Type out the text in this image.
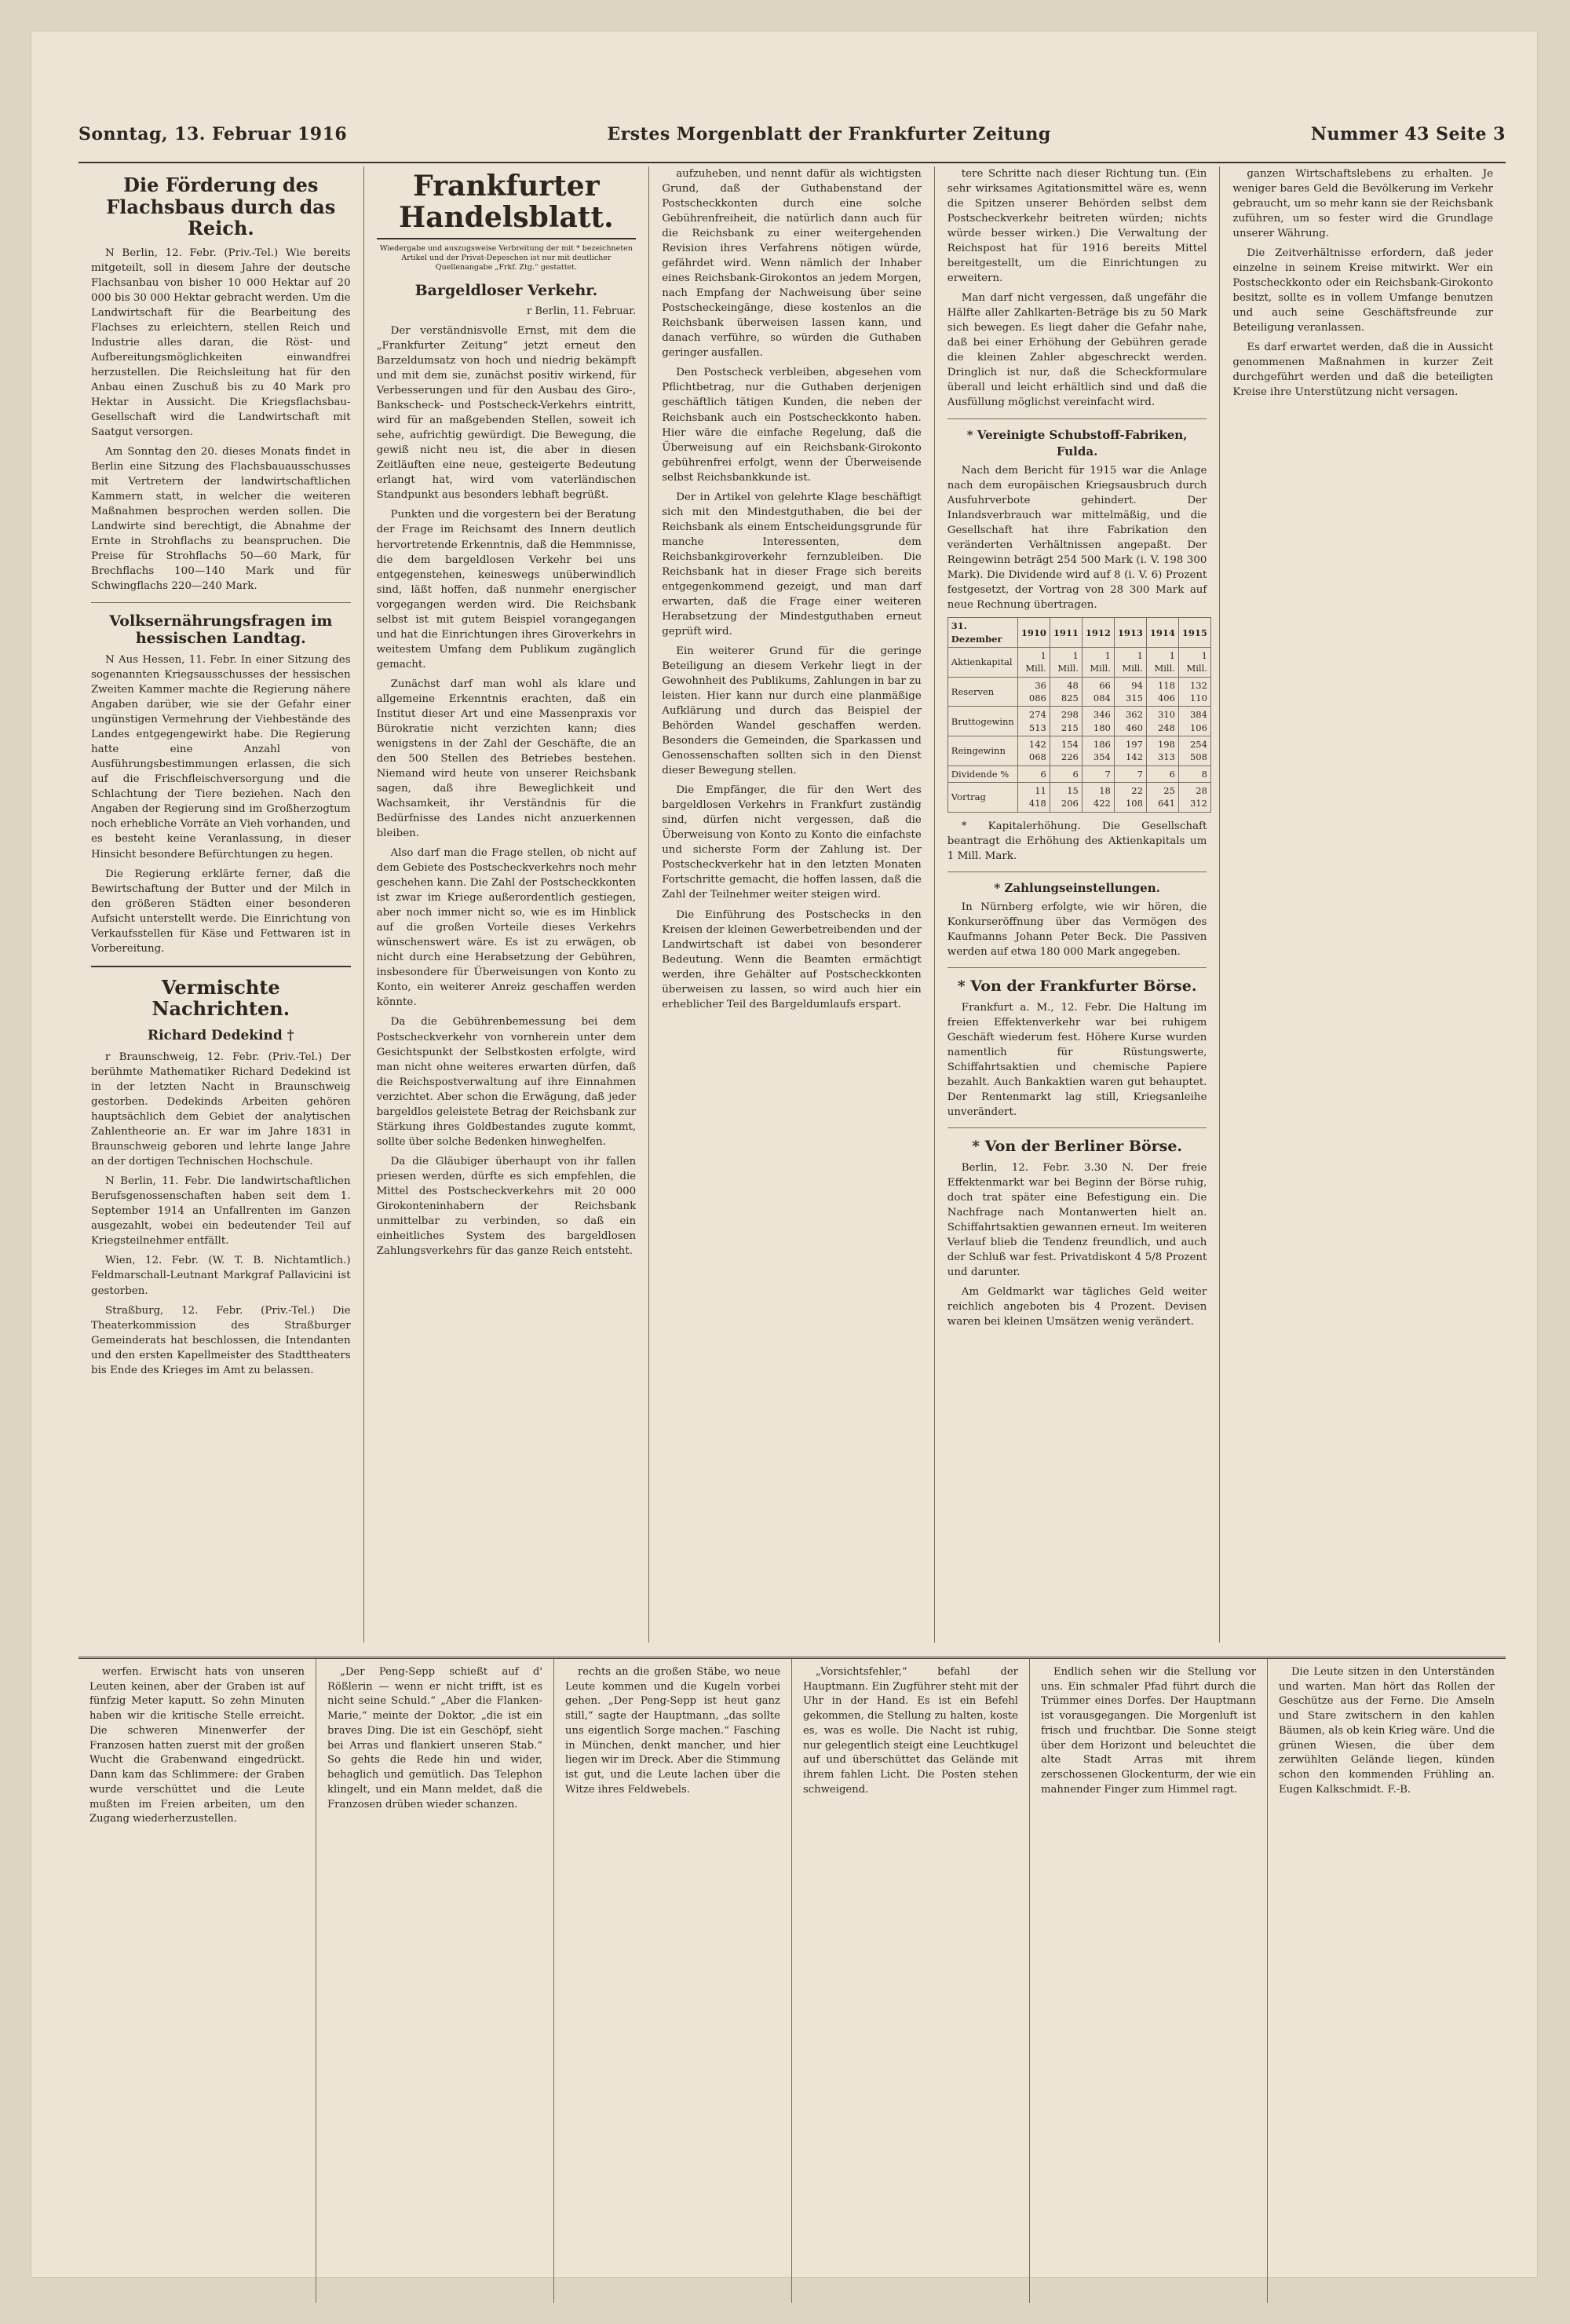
Sonntag, 13. Februar 1916	Erstes Morgenblatt der Frankfurter Zeitung	Nummer 43 Seite 3
Die Förderung des Flachsbaus durch das Reich.

N Berlin, 12. Febr. (Priv.-Tel.) Wie bereits mitgeteilt, soll in diesem Jahre der deutsche Flachsanbau von bisher 10 000 Hektar auf 20 000 bis 30 000 Hektar gebracht werden. Um die Landwirtschaft für die Bearbeitung des Flachses zu erleichtern, stellen Reich und Industrie alles daran, die Röst- und Aufbereitungsmöglichkeiten einwandfrei herzustellen. Die Reichsleitung hat für den Anbau einen Zuschuß bis zu 40 Mark pro Hektar in Aussicht. Die Kriegsflachsbau-Gesellschaft wird die Landwirtschaft mit Saatgut versorgen.

Am Sonntag den 20. dieses Monats findet in Berlin eine Sitzung des Flachsbauausschusses mit Vertretern der landwirtschaftlichen Kammern statt, in welcher die weiteren Maßnahmen besprochen werden sollen. Die Landwirte sind berechtigt, die Abnahme der Ernte in Strohflachs zu beanspruchen. Die Preise für Strohflachs 50—60 Mark, für Brechflachs 100—140 Mark und für Schwingflachs 220—240 Mark.

Volksernährungsfragen im hessischen Landtag.

N Aus Hessen, 11. Febr. In einer Sitzung des sogenannten Kriegsausschusses der hessischen Zweiten Kammer machte die Regierung nähere Angaben darüber, wie sie der Gefahr einer ungünstigen Vermehrung der Viehbestände des Landes entgegengewirkt habe. Die Regierung hatte eine Anzahl von Ausführungsbestimmungen erlassen, die sich auf die Frischfleischversorgung und die Schlachtung der Tiere beziehen. Nach den Angaben der Regierung sind im Großherzogtum noch erhebliche Vorräte an Vieh vorhanden, und es besteht keine Veranlassung, in dieser Hinsicht besondere Befürchtungen zu hegen.

Die Regierung erklärte ferner, daß die Bewirtschaftung der Butter und der Milch in den größeren Städten einer besonderen Aufsicht unterstellt werde. Die Einrichtung von Verkaufsstellen für Käse und Fettwaren ist in Vorbereitung.

Vermischte Nachrichten.
Richard Dedekind †

r Braunschweig, 12. Febr. (Priv.-Tel.) Der berühmte Mathematiker Richard Dedekind ist in der letzten Nacht in Braunschweig gestorben. Dedekinds Arbeiten gehören hauptsächlich dem Gebiet der analytischen Zahlentheorie an. Er war im Jahre 1831 in Braunschweig geboren und lehrte lange Jahre an der dortigen Technischen Hochschule.

N Berlin, 11. Febr. Die landwirtschaftlichen Berufsgenossenschaften haben seit dem 1. September 1914 an Unfallrenten im Ganzen ausgezahlt, wobei ein bedeutender Teil auf Kriegsteilnehmer entfällt.

Wien, 12. Febr. (W. T. B. Nichtamtlich.) Feldmarschall-Leutnant Markgraf Pallavicini ist gestorben.

Straßburg, 12. Febr. (Priv.-Tel.) Die Theaterkommission des Straßburger Gemeinderats hat beschlossen, die Intendanten und den ersten Kapellmeister des Stadttheaters bis Ende des Krieges im Amt zu belassen.

Frankfurter Handelsblatt.
Wiedergabe und auszugsweise Verbreitung der mit * bezeichneten Artikel und der Privat-Depeschen ist nur mit deutlicher Quellenangabe „Frkf. Ztg.“ gestattet.
Bargeldloser Verkehr.
r Berlin, 11. Februar.

Der verständnisvolle Ernst, mit dem die „Frankfurter Zeitung“ jetzt erneut den Barzeldumsatz von hoch und niedrig bekämpft und mit dem sie, zunächst positiv wirkend, für Verbesserungen und für den Ausbau des Giro-, Bankscheck- und Postscheck-Verkehrs eintritt, wird für an maßgebenden Stellen, soweit ich sehe, aufrichtig gewürdigt. Die Bewegung, die gewiß nicht neu ist, die aber in diesen Zeitläuften eine neue, gesteigerte Bedeutung erlangt hat, wird vom vaterländischen Standpunkt aus besonders lebhaft begrüßt.

Punkten und die vorgestern bei der Beratung der Frage im Reichsamt des Innern deutlich hervortretende Erkenntnis, daß die Hemmnisse, die dem bargeldlosen Verkehr bei uns entgegenstehen, keineswegs unüberwindlich sind, läßt hoffen, daß nunmehr energischer vorgegangen werden wird. Die Reichsbank selbst ist mit gutem Beispiel vorangegangen und hat die Einrichtungen ihres Giroverkehrs in weitestem Umfang dem Publikum zugänglich gemacht.

Zunächst darf man wohl als klare und allgemeine Erkenntnis erachten, daß ein Institut dieser Art und eine Massenpraxis vor Bürokratie nicht verzichten kann; dies wenigstens in der Zahl der Geschäfte, die an den 500 Stellen des Betriebes bestehen. Niemand wird heute von unserer Reichsbank sagen, daß ihre Beweglichkeit und Wachsamkeit, ihr Verständnis für die Bedürfnisse des Landes nicht anzuerkennen bleiben.

Also darf man die Frage stellen, ob nicht auf dem Gebiete des Postscheckverkehrs noch mehr geschehen kann. Die Zahl der Postscheckkonten ist zwar im Kriege außerordentlich gestiegen, aber noch immer nicht so, wie es im Hinblick auf die großen Vorteile dieses Verkehrs wünschenswert wäre. Es ist zu erwägen, ob nicht durch eine Herabsetzung der Gebühren, insbesondere für Überweisungen von Konto zu Konto, ein weiterer Anreiz geschaffen werden könnte.

Da die Gebührenbemessung bei dem Postscheckverkehr von vornherein unter dem Gesichtspunkt der Selbstkosten erfolgte, wird man nicht ohne weiteres erwarten dürfen, daß die Reichspostverwaltung auf ihre Einnahmen verzichtet. Aber schon die Erwägung, daß jeder bargeldlos geleistete Betrag der Reichsbank zur Stärkung ihres Goldbestandes zugute kommt, sollte über solche Bedenken hinweghelfen.

Da die Gläubiger überhaupt von ihr fallen priesen werden, dürfte es sich empfehlen, die Mittel des Postscheckverkehrs mit 20 000 Girokonteninhabern der Reichsbank unmittelbar zu verbinden, so daß ein einheitliches System des bargeldlosen Zahlungsverkehrs für das ganze Reich entsteht.

aufzuheben, und nennt dafür als wichtigsten Grund, daß der Guthabenstand der Postscheckkonten durch eine solche Gebührenfreiheit, die natürlich dann auch für die Reichsbank zu einer weitergehenden Revision ihres Verfahrens nötigen würde, gefährdet wird. Wenn nämlich der Inhaber eines Reichsbank-Girokontos an jedem Morgen, nach Empfang der Nachweisung über seine Postscheckeingänge, diese kostenlos an die Reichsbank überweisen lassen kann, und danach verführe, so würden die Guthaben geringer ausfallen.

Den Postscheck verbleiben, abgesehen vom Pflichtbetrag, nur die Guthaben derjenigen geschäftlich tätigen Kunden, die neben der Reichsbank auch ein Postscheckkonto haben. Hier wäre die einfache Regelung, daß die Überweisung auf ein Reichsbank-Girokonto gebührenfrei erfolgt, wenn der Überweisende selbst Reichsbankkunde ist.

Der in Artikel von gelehrte Klage beschäftigt sich mit den Mindestguthaben, die bei der Reichsbank als einem Entscheidungsgrunde für manche Interessenten, dem Reichsbankgiroverkehr fernzubleiben. Die Reichsbank hat in dieser Frage sich bereits entgegenkommend gezeigt, und man darf erwarten, daß die Frage einer weiteren Herabsetzung der Mindestguthaben erneut geprüft wird.

Ein weiterer Grund für die geringe Beteiligung an diesem Verkehr liegt in der Gewohnheit des Publikums, Zahlungen in bar zu leisten. Hier kann nur durch eine planmäßige Aufklärung und durch das Beispiel der Behörden Wandel geschaffen werden. Besonders die Gemeinden, die Sparkassen und Genossenschaften sollten sich in den Dienst dieser Bewegung stellen.

Die Empfänger, die für den Wert des bargeldlosen Verkehrs in Frankfurt zuständig sind, dürfen nicht vergessen, daß die Überweisung von Konto zu Konto die einfachste und sicherste Form der Zahlung ist. Der Postscheckverkehr hat in den letzten Monaten Fortschritte gemacht, die hoffen lassen, daß die Zahl der Teilnehmer weiter steigen wird.

Die Einführung des Postschecks in den Kreisen der kleinen Gewerbetreibenden und der Landwirtschaft ist dabei von besonderer Bedeutung. Wenn die Beamten ermächtigt werden, ihre Gehälter auf Postscheckkonten überweisen zu lassen, so wird auch hier ein erheblicher Teil des Bargeldumlaufs erspart.

tere Schritte nach dieser Richtung tun. (Ein sehr wirksames Agitationsmittel wäre es, wenn die Spitzen unserer Behörden selbst dem Postscheckverkehr beitreten würden; nichts würde besser wirken.) Die Verwaltung der Reichspost hat für 1916 bereits Mittel bereitgestellt, um die Einrichtungen zu erweitern.

Man darf nicht vergessen, daß ungefähr die Hälfte aller Zahlkarten-Beträge bis zu 50 Mark sich bewegen. Es liegt daher die Gefahr nahe, daß bei einer Erhöhung der Gebühren gerade die kleinen Zahler abgeschreckt werden. Dringlich ist nur, daß die Scheckformulare überall und leicht erhältlich sind und daß die Ausfüllung möglichst vereinfacht wird.

* Vereinigte Schubstoff-Fabriken, Fulda.

Nach dem Bericht für 1915 war die Anlage nach dem europäischen Kriegsausbruch durch Ausfuhrverbote gehindert. Der Inlandsverbrauch war mittelmäßig, und die Gesellschaft hat ihre Fabrikation den veränderten Verhältnissen angepaßt. Der Reingewinn beträgt 254 500 Mark (i. V. 198 300 Mark). Die Dividende wird auf 8 (i. V. 6) Prozent festgesetzt, der Vortrag von 28 300 Mark auf neue Rechnung übertragen.

31. Dezember	1910	1911	1912	1913	1914	1915
Aktienkapital	1 Mill.	1 Mill.	1 Mill.	1 Mill.	1 Mill.	1 Mill.
Reserven	36 086	48 825	66 084	94 315	118 406	132 110
Bruttogewinn	274 513	298 215	346 180	362 460	310 248	384 106
Reingewinn	142 068	154 226	186 354	197 142	198 313	254 508
Dividende %	6	6	7	7	6	8
Vortrag	11 418	15 206	18 422	22 108	25 641	28 312

* Kapitalerhöhung. Die Gesellschaft beantragt die Erhöhung des Aktienkapitals um 1 Mill. Mark.

* Zahlungseinstellungen.

In Nürnberg erfolgte, wie wir hören, die Konkurseröffnung über das Vermögen des Kaufmanns Johann Peter Beck. Die Passiven werden auf etwa 180 000 Mark angegeben.

* Von der Frankfurter Börse.

Frankfurt a. M., 12. Febr. Die Haltung im freien Effektenverkehr war bei ruhigem Geschäft wiederum fest. Höhere Kurse wurden namentlich für Rüstungswerte, Schiffahrtsaktien und chemische Papiere bezahlt. Auch Bankaktien waren gut behauptet. Der Rentenmarkt lag still, Kriegsanleihe unverändert.

* Von der Berliner Börse.

Berlin, 12. Febr. 3.30 N. Der freie Effektenmarkt war bei Beginn der Börse ruhig, doch trat später eine Befestigung ein. Die Nachfrage nach Montanwerten hielt an. Schiffahrtsaktien gewannen erneut. Im weiteren Verlauf blieb die Tendenz freundlich, und auch der Schluß war fest. Privatdiskont 4 5/8 Prozent und darunter.

Am Geldmarkt war tägliches Geld weiter reichlich angeboten bis 4 Prozent. Devisen waren bei kleinen Umsätzen wenig verändert.

ganzen Wirtschaftslebens zu erhalten. Je weniger bares Geld die Bevölkerung im Verkehr gebraucht, um so mehr kann sie der Reichsbank zuführen, um so fester wird die Grundlage unserer Währung.

Die Zeitverhältnisse erfordern, daß jeder einzelne in seinem Kreise mitwirkt. Wer ein Postscheckkonto oder ein Reichsbank-Girokonto besitzt, sollte es in vollem Umfange benutzen und auch seine Geschäftsfreunde zur Beteiligung veranlassen.

Es darf erwartet werden, daß die in Aussicht genommenen Maßnahmen in kurzer Zeit durchgeführt werden und daß die beteiligten Kreise ihre Unterstützung nicht versagen.

werfen. Erwischt hats von unseren Leuten keinen, aber der Graben ist auf fünfzig Meter kaputt. So zehn Minuten haben wir die kritische Stelle erreicht. Die schweren Minenwerfer der Franzosen hatten zuerst mit der großen Wucht die Grabenwand eingedrückt. Dann kam das Schlimmere: der Graben wurde verschüttet und die Leute mußten im Freien arbeiten, um den Zugang wiederherzustellen.

„Der Peng-Sepp schießt auf d' Rößlerin — wenn er nicht trifft, ist es nicht seine Schuld.“ „Aber die Flanken-Marie,“ meinte der Doktor, „die ist ein braves Ding. Die ist ein Geschöpf, sieht bei Arras und flankiert unseren Stab.“ So gehts die Rede hin und wider, behaglich und gemütlich. Das Telephon klingelt, und ein Mann meldet, daß die Franzosen drüben wieder schanzen.

rechts an die großen Stäbe, wo neue Leute kommen und die Kugeln vorbei gehen. „Der Peng-Sepp ist heut ganz still,“ sagte der Hauptmann, „das sollte uns eigentlich Sorge machen.“ Fasching in München, denkt mancher, und hier liegen wir im Dreck. Aber die Stimmung ist gut, und die Leute lachen über die Witze ihres Feldwebels.

„Vorsichtsfehler,“ befahl der Hauptmann. Ein Zugführer steht mit der Uhr in der Hand. Es ist ein Befehl gekommen, die Stellung zu halten, koste es, was es wolle. Die Nacht ist ruhig, nur gelegentlich steigt eine Leuchtkugel auf und überschüttet das Gelände mit ihrem fahlen Licht. Die Posten stehen schweigend.

Endlich sehen wir die Stellung vor uns. Ein schmaler Pfad führt durch die Trümmer eines Dorfes. Der Hauptmann ist vorausgegangen. Die Morgenluft ist frisch und fruchtbar. Die Sonne steigt über dem Horizont und beleuchtet die alte Stadt Arras mit ihrem zerschossenen Glockenturm, der wie ein mahnender Finger zum Himmel ragt.

Die Leute sitzen in den Unterständen und warten. Man hört das Rollen der Geschütze aus der Ferne. Die Amseln und Stare zwitschern in den kahlen Bäumen, als ob kein Krieg wäre. Und die grünen Wiesen, die über dem zerwühlten Gelände liegen, künden schon den kommenden Frühling an. Eugen Kalkschmidt. F.-B.
